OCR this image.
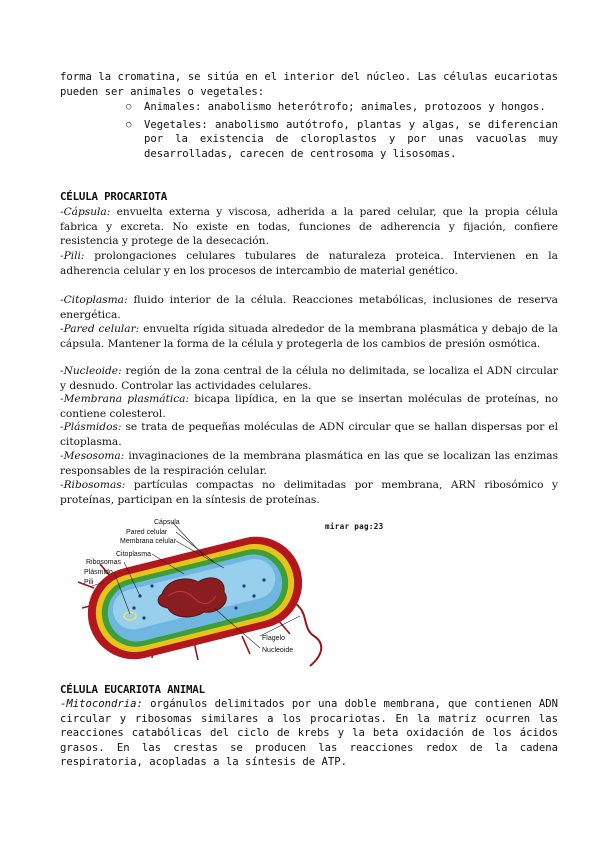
forma la cromatina, se sitúa en el interior del núcleo. Las células eucariotas pueden ser animales o vegetales:

○ Animales: anabolismo heterótrofo; animales, protozoos y hongos.
○ Vegetales: anabolismo autótrofo, plantas y algas, se diferencian por la existencia de cloroplastos y por unas vacuolas muy desarrolladas, carecen de centrosoma y lisosomas.
CÉLULA PROCARIOTA

-Cápsula: envuelta externa y viscosa, adherida a la pared celular, que la propia célula fabrica y excreta. No existe en todas, funciones de adherencia y fijación, confiere resistencia y protege de la desecación.

-Pili: prolongaciones celulares tubulares de naturaleza proteica. Intervienen en la adherencia celular y en los procesos de intercambio de material genético.

-Citoplasma: fluido interior de la célula. Reacciones metabólicas, inclusiones de reserva energética.

-Pared celular: envuelta rígida situada alrededor de la membrana plasmática y debajo de la cápsula. Mantener la forma de la célula y protegerla de los cambios de presión osmótica.

-Nucleoide: región de la zona central de la célula no delimitada, se localiza el ADN circular y desnudo. Controlar las actividades celulares.

-Membrana plasmática: bicapa lipídica, en la que se insertan moléculas de proteínas, no contiene colesterol.

-Plásmidos: se trata de pequeñas moléculas de ADN circular que se hallan dispersas por el citoplasma.

-Mesosoma: invaginaciones de la membrana plasmática en las que se localizan las enzimas responsables de la respiración celular.

-Ribosomas: partículas compactas no delimitadas por membrana, ARN ribosómico y proteínas, participan en la síntesis de proteínas.

Cápsula
Pared celular
Membrana celular
Citoplasma
Ribosomas
Plásmido
Pili
Flagelo
Nucleoide
mirar pag:23
CÉLULA EUCARIOTA ANIMAL

-Mitocondria: orgánulos delimitados por una doble membrana, que contienen ADN circular y ribosomas similares a los procariotas. En la matriz ocurren las reacciones catabólicas del ciclo de krebs y la beta oxidación de los ácidos grasos. En las crestas se producen las reacciones redox de la cadena respiratoria, acopladas a la síntesis de ATP.
